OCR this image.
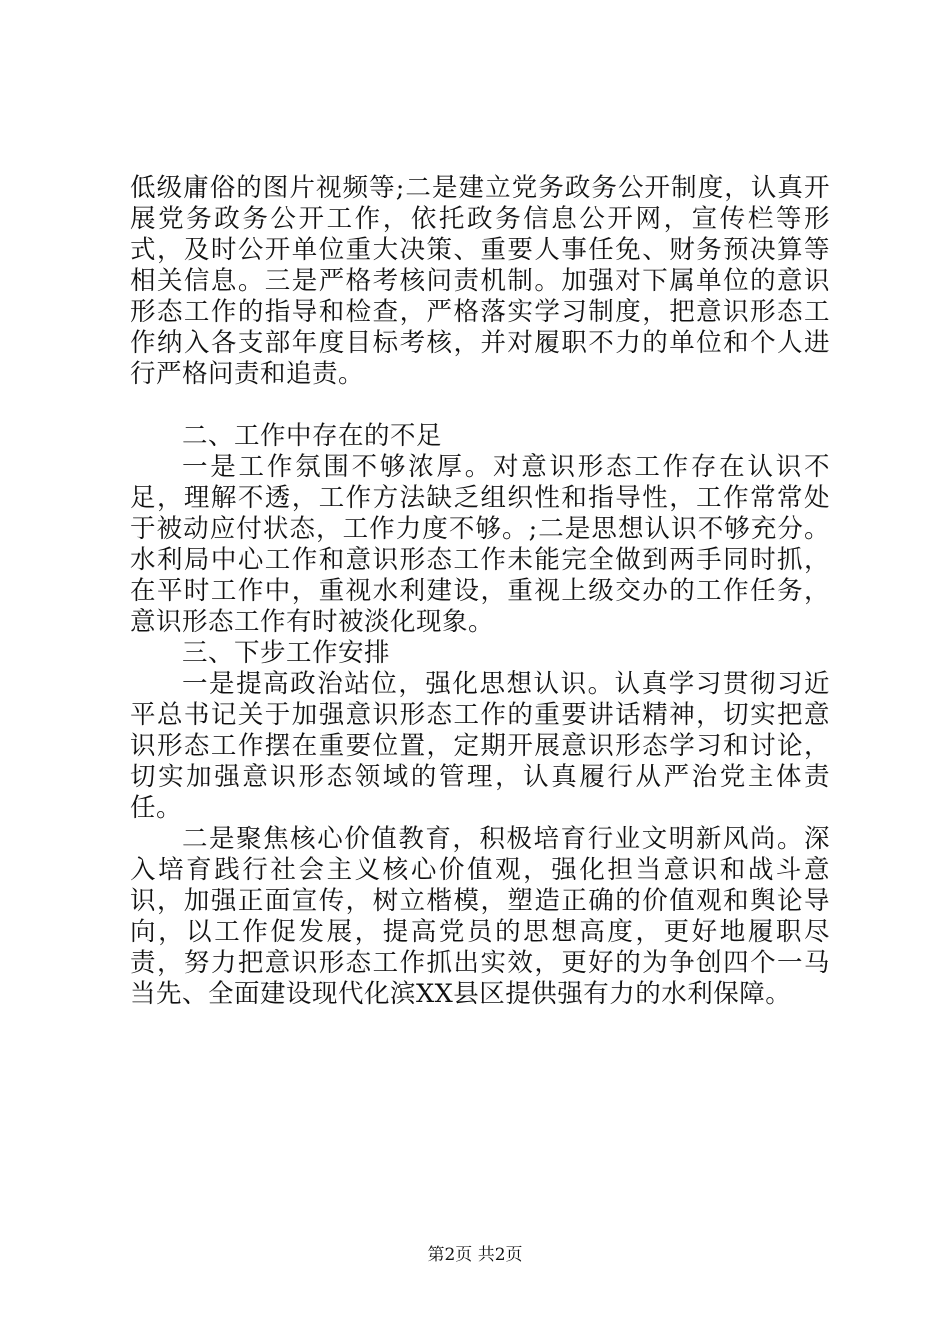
低级庸俗的图片视频等;二是建立党务政务公开制度，认真开展党务政务公开工作，依托政务信息公开网，宣传栏等形式，及时公开单位重大决策、重要人事任免、财务预决算等相关信息。三是严格考核问责机制。加强对下属单位的意识形态工作的指导和检查，严格落实学习制度，把意识形态工作纳入各支部年度目标考核，并对履职不力的单位和个人进行严格问责和追责。

二、工作中存在的不足

一是工作氛围不够浓厚。对意识形态工作存在认识不足，理解不透，工作方法缺乏组织性和指导性，工作常常处于被动应付状态，工作力度不够。;二是思想认识不够充分。水利局中心工作和意识形态工作未能完全做到两手同时抓，在平时工作中，重视水利建设，重视上级交办的工作任务，意识形态工作有时被淡化现象。

三、下步工作安排

一是提高政治站位，强化思想认识。认真学习贯彻习近平总书记关于加强意识形态工作的重要讲话精神，切实把意识形态工作摆在重要位置，定期开展意识形态学习和讨论，切实加强意识形态领域的管理，认真履行从严治党主体责任。

二是聚焦核心价值教育，积极培育行业文明新风尚。深入培育践行社会主义核心价值观，强化担当意识和战斗意识，加强正面宣传，树立楷模，塑造正确的价值观和舆论导向，以工作促发展，提高党员的思想高度，更好地履职尽责，努力把意识形态工作抓出实效，更好的为争创四个一马当先、全面建设现代化滨XX县区提供强有力的水利保障。

第2页 共2页
